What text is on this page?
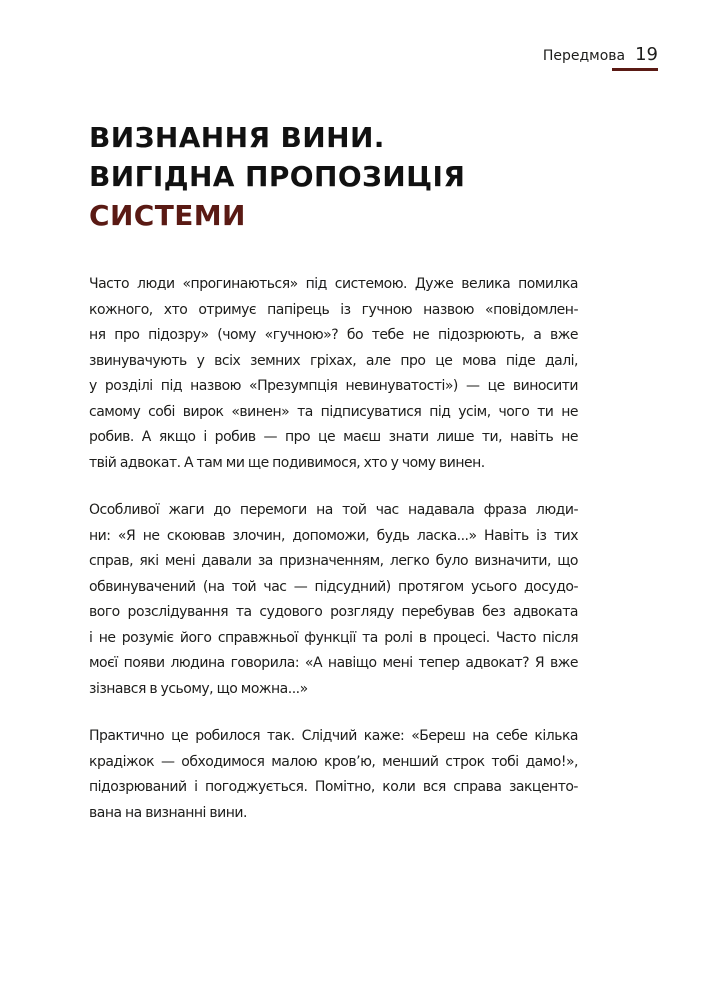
Передмова 19
ВИЗНАННЯ ВИНИ.
ВИГІДНА ПРОПОЗИЦІЯ
СИСТЕМИ

Часто люди «прогинаються» під системою. Дуже велика помилка
кожного, хто отримує папірець із гучною назвою «повідомлен-
ня про підозру» (чому «гучною»? бо тебе не підозрюють, а вже
звинувачують у всіх земних гріхах, але про це мова піде далі,
у розділі під назвою «Презумпція невинуватості») — це виносити
самому собі вирок «винен» та підписуватися під усім, чого ти не
робив. А якщо і робив — про це маєш знати лише ти, навіть не
твій адвокат. А там ми ще подивимося, хто у чому винен.

Особливої жаги до перемоги на той час надавала фраза люди-
ни: «Я не скоював злочин, допоможи, будь ласка...» Навіть із тих
справ, які мені давали за призначенням, легко було визначити, що
обвинувачений (на той час — підсудний) протягом усього досудо-
вого розслідування та судового розгляду перебував без адвоката
і не розуміє його справжньої функції та ролі в процесі. Часто після
моєї появи людина говорила: «А навіщо мені тепер адвокат? Я вже
зізнався в усьому, що можна...»

Практично це робилося так. Слідчий каже: «Береш на себе кілька
крадіжок — обходимося малою кров’ю, менший строк тобі дамо!»,
підозрюваний і погоджується. Помітно, коли вся справа закценто-
вана на визнанні вини.
